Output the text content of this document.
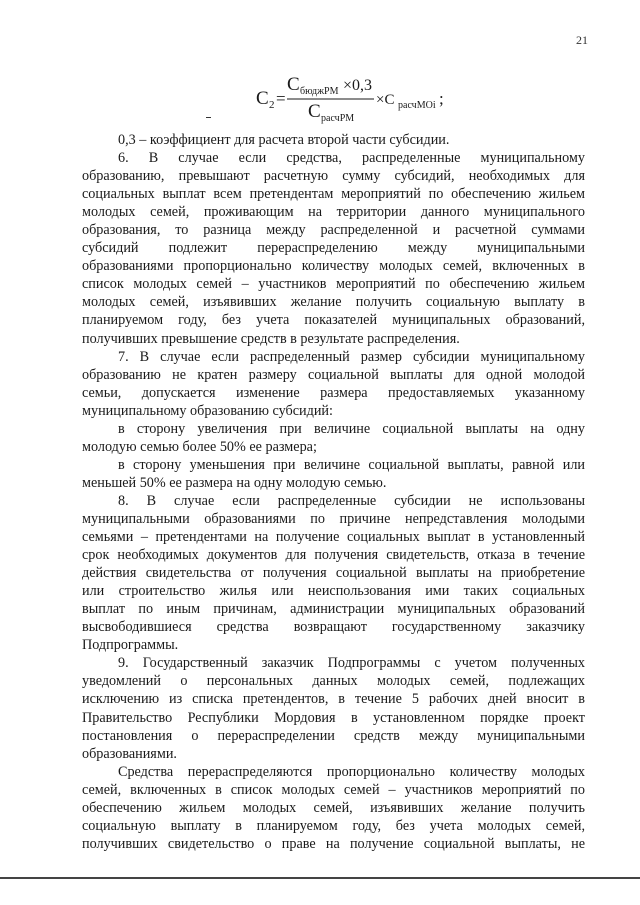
21
С 2 =
С бюджРМ ×0,3
С расчРМ
×С расчМОi ;
0,3 – коэффициент для расчета второй части субсидии.
6. В случае если средства, распределенные муниципальному
образованию, превышают расчетную сумму субсидий, необходимых для
социальных выплат всем претендентам мероприятий по обеспечению жильем
молодых семей, проживающим на территории данного муниципального
образования, то разница между распределенной и расчетной суммами
субсидий подлежит перераспределению между муниципальными
образованиями пропорционально количеству молодых семей, включенных в
список молодых семей – участников мероприятий по обеспечению жильем
молодых семей, изъявивших желание получить социальную выплату в
планируемом году, без учета показателей муниципальных образований,
получивших превышение средств в результате распределения.
7. В случае если распределенный размер субсидии муниципальному
образованию не кратен размеру социальной выплаты для одной молодой
семьи, допускается изменение размера предоставляемых указанному
муниципальному образованию субсидий:
в сторону увеличения при величине социальной выплаты на одну
молодую семью более 50% ее размера;
в сторону уменьшения при величине социальной выплаты, равной или
меньшей 50% ее размера на одну молодую семью.
8. В случае если распределенные субсидии не использованы
муниципальными образованиями по причине непредставления молодыми
семьями – претендентами на получение социальных выплат в установленный
срок необходимых документов для получения свидетельств, отказа в течение
действия свидетельства от получения социальной выплаты на приобретение
или строительство жилья или неиспользования ими таких социальных
выплат по иным причинам, администрации муниципальных образований
высвободившиеся средства возвращают государственному заказчику
Подпрограммы.
9. Государственный заказчик Подпрограммы с учетом полученных
уведомлений о персональных данных молодых семей, подлежащих
исключению из списка претендентов, в течение 5 рабочих дней вносит в
Правительство Республики Мордовия в установленном порядке проект
постановления о перераспределении средств между муниципальными
образованиями.
Средства перераспределяются пропорционально количеству молодых
семей, включенных в список молодых семей – участников мероприятий по
обеспечению жильем молодых семей, изъявивших желание получить
социальную выплату в планируемом году, без учета молодых семей,
получивших свидетельство о праве на получение социальной выплаты, не
